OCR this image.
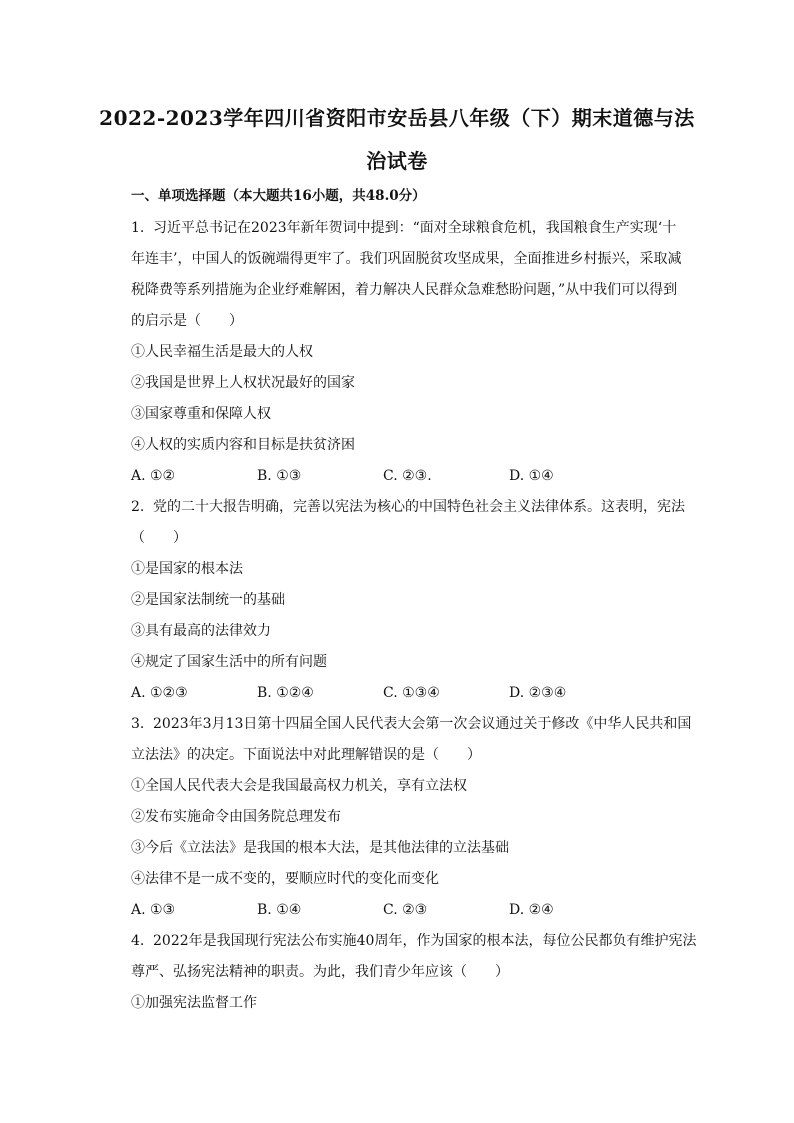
2022-2023学年四川省资阳市安岳县八年级（下）期末道德与法
治试卷
一、单项选择题（本大题共16小题，共48.0分）
1. 习近平总书记在2023年新年贺词中提到：“面对全球粮食危机，我国粮食生产实现‘十
年连丰’，中国人的饭碗端得更牢了。我们巩固脱贫攻坚成果，全面推进乡村振兴，采取减
税降费等系列措施为企业纾难解困，着力解决人民群众急难愁盼问题，”从中我们可以得到
的启示是（　　）
①人民幸福生活是最大的人权
②我国是世界上人权状况最好的国家
③国家尊重和保障人权
④人权的实质内容和目标是扶贫济困
A. ①②	B. ①③	C. ②③.	D. ①④
2. 党的二十大报告明确，完善以宪法为核心的中国特色社会主义法律体系。这表明，宪法
（　　）
①是国家的根本法
②是国家法制统一的基础
③具有最高的法律效力
④规定了国家生活中的所有问题
A. ①②③	B. ①②④	C. ①③④	D. ②③④
3. 2023年3月13日第十四届全国人民代表大会第一次会议通过关于修改《中华人民共和国
立法法》的决定。下面说法中对此理解错误的是（　　）
①全国人民代表大会是我国最高权力机关，享有立法权
②发布实施命令由国务院总理发布
③今后《立法法》是我国的根本大法，是其他法律的立法基础
④法律不是一成不变的，要顺应时代的变化而变化
A. ①③	B. ①④	C. ②③	D. ②④
4. 2022年是我国现行宪法公布实施40周年，作为国家的根本法，每位公民都负有维护宪法
尊严、弘扬宪法精神的职责。为此，我们青少年应该（　　）
①加强宪法监督工作
